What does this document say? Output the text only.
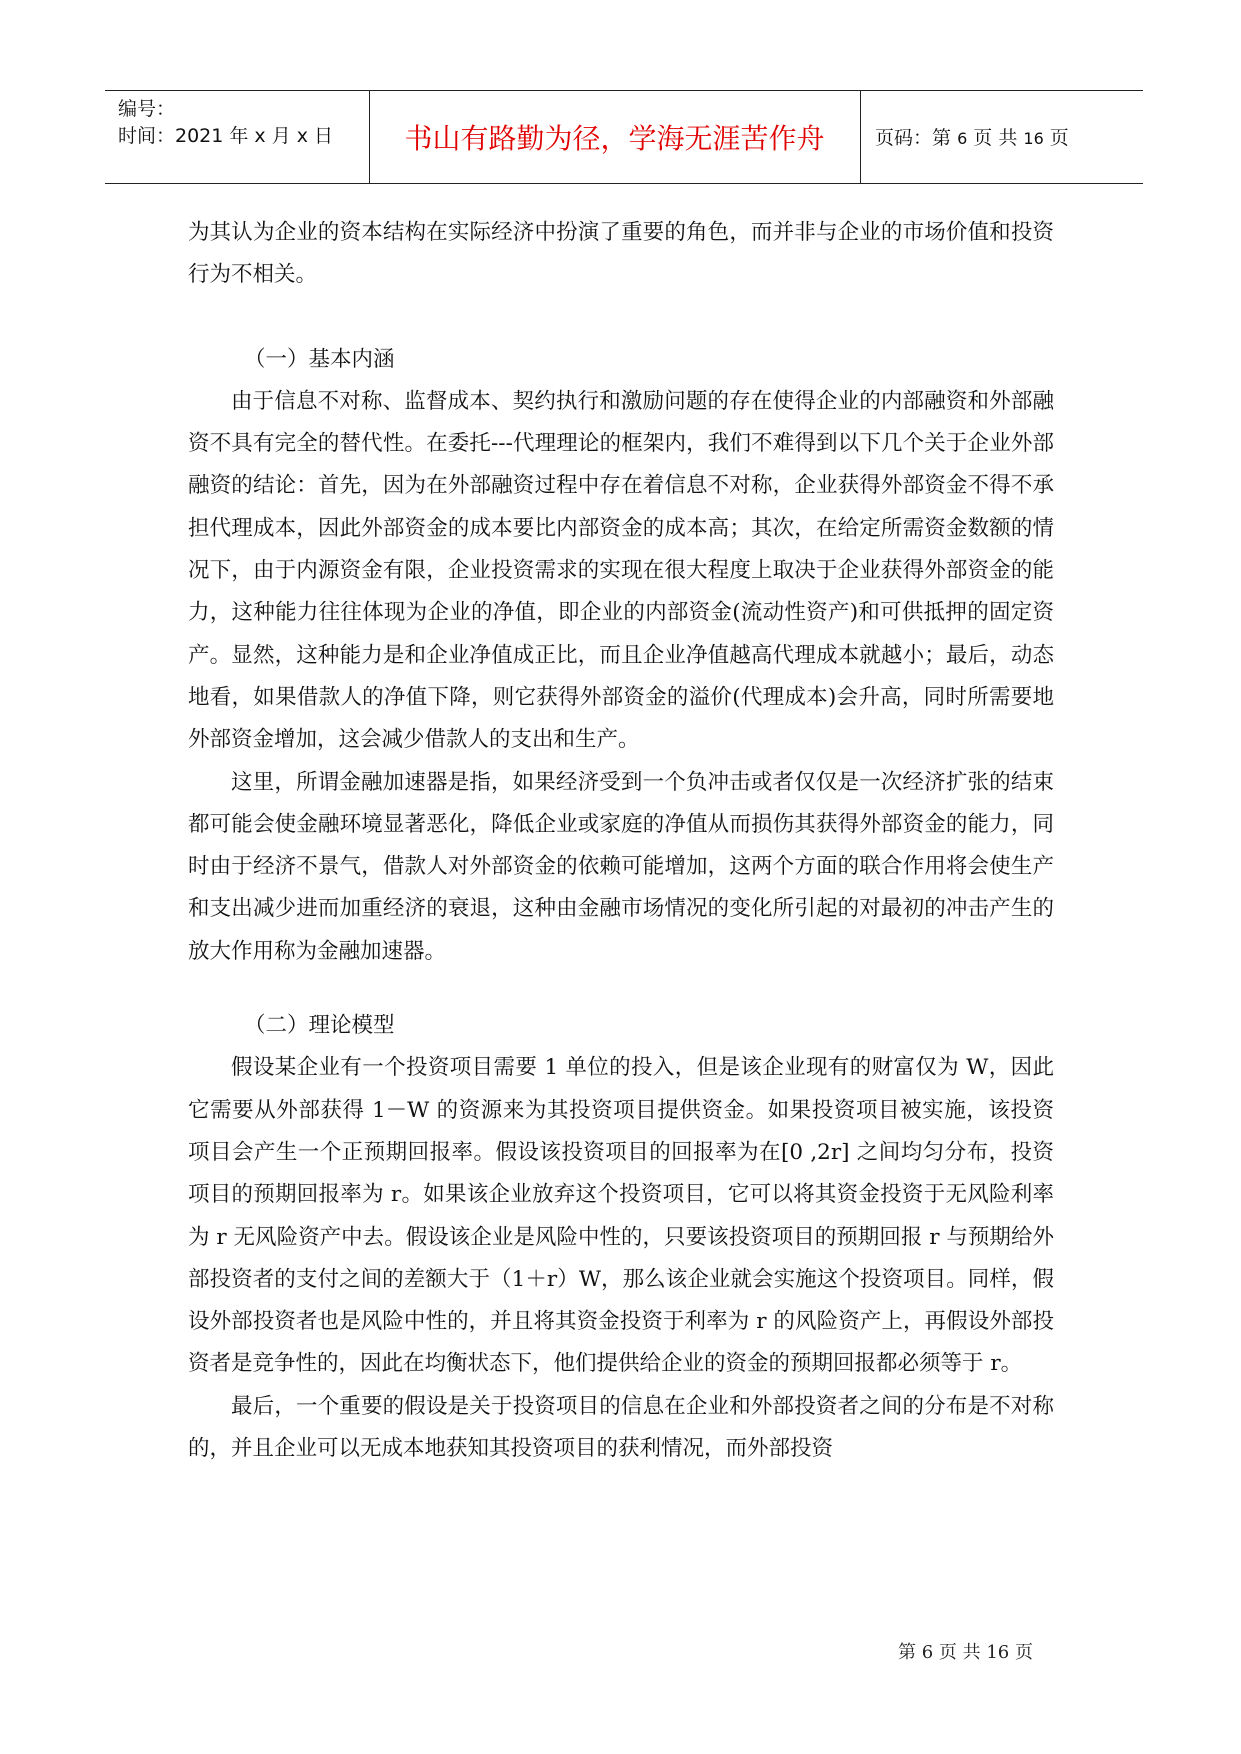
编号：
时间：2021 年 x 月 x 日	书山有路勤为径，学海无涯苦作舟	页码：第 6 页 共 16 页

为其认为企业的资本结构在实际经济中扮演了重要的角色，而并非与企业的市场价值和投资行为不相关。

（一）基本内涵

由于信息不对称、监督成本、契约执行和激励问题的存在使得企业的内部融资和外部融资不具有完全的替代性。在委托---代理理论的框架内，我们不难得到以下几个关于企业外部融资的结论：首先，因为在外部融资过程中存在着信息不对称，企业获得外部资金不得不承担代理成本，因此外部资金的成本要比内部资金的成本高；其次，在给定所需资金数额的情况下，由于内源资金有限，企业投资需求的实现在很大程度上取决于企业获得外部资金的能力，这种能力往往体现为企业的净值，即企业的内部资金(流动性资产)和可供抵押的固定资产。显然，这种能力是和企业净值成正比，而且企业净值越高代理成本就越小；最后，动态地看，如果借款人的净值下降，则它获得外部资金的溢价(代理成本)会升高，同时所需要地外部资金增加，这会减少借款人的支出和生产。

这里，所谓金融加速器是指，如果经济受到一个负冲击或者仅仅是一次经济扩张的结束都可能会使金融环境显著恶化，降低企业或家庭的净值从而损伤其获得外部资金的能力，同时由于经济不景气，借款人对外部资金的依赖可能增加，这两个方面的联合作用将会使生产和支出减少进而加重经济的衰退，这种由金融市场情况的变化所引起的对最初的冲击产生的放大作用称为金融加速器。

（二）理论模型

假设某企业有一个投资项目需要 1 单位的投入，但是该企业现有的财富仅为 W，因此它需要从外部获得 1－W 的资源来为其投资项目提供资金。如果投资项目被实施，该投资项目会产生一个正预期回报率。假设该投资项目的回报率为在[0 ,2r] 之间均匀分布，投资项目的预期回报率为 r。如果该企业放弃这个投资项目，它可以将其资金投资于无风险利率为 r 无风险资产中去。假设该企业是风险中性的，只要该投资项目的预期回报 r 与预期给外部投资者的支付之间的差额大于（1＋r）W，那么该企业就会实施这个投资项目。同样，假设外部投资者也是风险中性的，并且将其资金投资于利率为 r 的风险资产上，再假设外部投资者是竞争性的，因此在均衡状态下，他们提供给企业的资金的预期回报都必须等于 r。

最后，一个重要的假设是关于投资项目的信息在企业和外部投资者之间的分布是不对称的，并且企业可以无成本地获知其投资项目的获利情况，而外部投资

第 6 页 共 16 页
